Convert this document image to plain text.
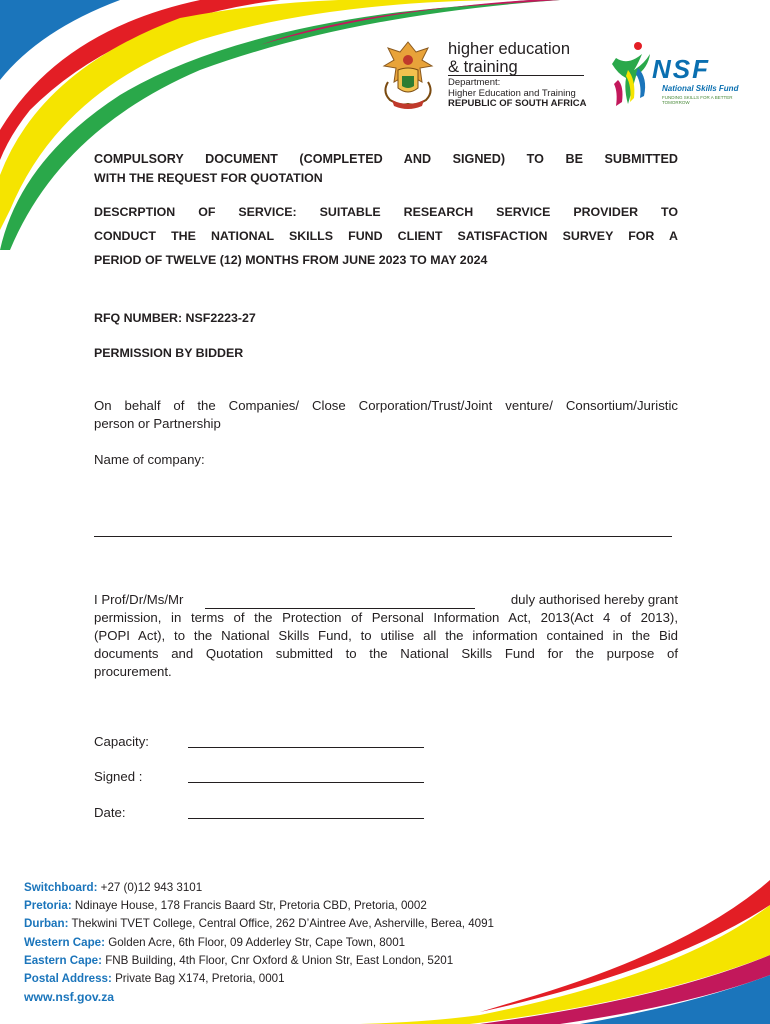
higher education
& training
Department:
Higher Education and Training
REPUBLIC OF SOUTH AFRICA
NSF
National Skills Fund
FUNDING SKILLS FOR A BETTER TOMORROW
COMPULSORY DOCUMENT (COMPLETED AND SIGNED) TO BE SUBMITTED
WITH THE REQUEST FOR QUOTATION
DESCRPTION OF SERVICE: SUITABLE RESEARCH SERVICE PROVIDER TO
CONDUCT THE NATIONAL SKILLS FUND CLIENT SATISFACTION SURVEY FOR A
PERIOD OF TWELVE (12) MONTHS FROM JUNE 2023 TO MAY 2024
RFQ NUMBER: NSF2223-27
PERMISSION BY BIDDER
On behalf of the Companies/ Close Corporation/Trust/Joint venture/ Consortium/Juristic
person or Partnership
Name of company:
I Prof/Dr/Ms/Mr	duly authorised hereby grant
permission, in terms of the Protection of Personal Information Act, 2013(Act 4 of 2013),
(POPI Act), to the National Skills Fund, to utilise all the information contained in the Bid
documents and Quotation submitted to the National Skills Fund for the purpose of
procurement.
Capacity:
Signed :
Date:
Switchboard: +27 (0)12 943 3101
Pretoria: Ndinaye House, 178 Francis Baard Str, Pretoria CBD, Pretoria, 0002
Durban: Thekwini TVET College, Central Office, 262 D’Aintree Ave, Asherville, Berea, 4091
Western Cape: Golden Acre, 6th Floor, 09 Adderley Str, Cape Town, 8001
Eastern Cape: FNB Building, 4th Floor, Cnr Oxford & Union Str, East London, 5201
Postal Address: Private Bag X174, Pretoria, 0001
www.nsf.gov.za
